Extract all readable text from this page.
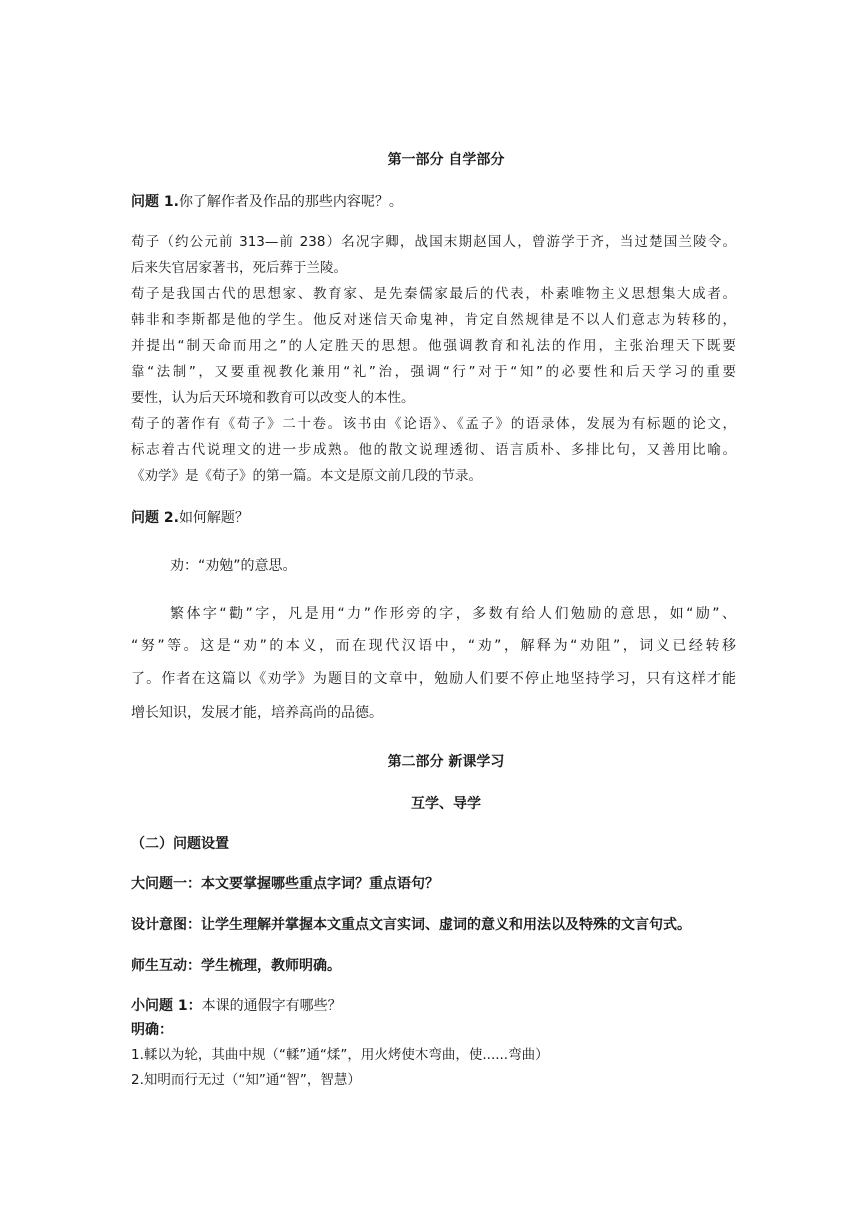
第一部分 自学部分
问题 1.你了解作者及作品的那些内容呢？。
荀子（约公元前 313—前 238）名况字卿，战国末期赵国人，曾游学于齐，当过楚国兰陵令。
后来失官居家著书，死后葬于兰陵。
荀子是我国古代的思想家、教育家、是先秦儒家最后的代表，朴素唯物主义思想集大成者。
韩非和李斯都是他的学生。他反对迷信天命鬼神，肯定自然规律是不以人们意志为转移的，
并提出“制天命而用之”的人定胜天的思想。他强调教育和礼法的作用，主张治理天下既要
靠“法制”，又要重视教化兼用“礼”治，强调“行”对于“知”的必要性和后天学习的重要
要性，认为后天环境和教育可以改变人的本性。
荀子的著作有《荀子》二十卷。该书由《论语》、《孟子》的语录体，发展为有标题的论文，
标志着古代说理文的进一步成熟。他的散文说理透彻、语言质朴、多排比句，又善用比喻。
《劝学》是《荀子》的第一篇。本文是原文前几段的节录。
问题 2.如何解题？
劝：“劝勉”的意思。
繁体字“勸”字，凡是用“力”作形旁的字，多数有给人们勉励的意思，如“励”、
“努”等。这是“劝”的本义，而在现代汉语中，“劝”，解释为“劝阻”，词义已经转移
了。作者在这篇以《劝学》为题目的文章中，勉励人们要不停止地坚持学习，只有这样才能
增长知识，发展才能，培养高尚的品德。
第二部分 新课学习
互学、导学
（二）问题设置
大问题一：本文要掌握哪些重点字词？重点语句？
设计意图：让学生理解并掌握本文重点文言实词、虚词的意义和用法以及特殊的文言句式。
师生互动：学生梳理，教师明确。
小问题 1：本课的通假字有哪些？
明确：
1.輮以为轮，其曲中规（“輮”通“煣”，用火烤使木弯曲，使......弯曲）
2.知明而行无过（“知”通“智”，智慧）
